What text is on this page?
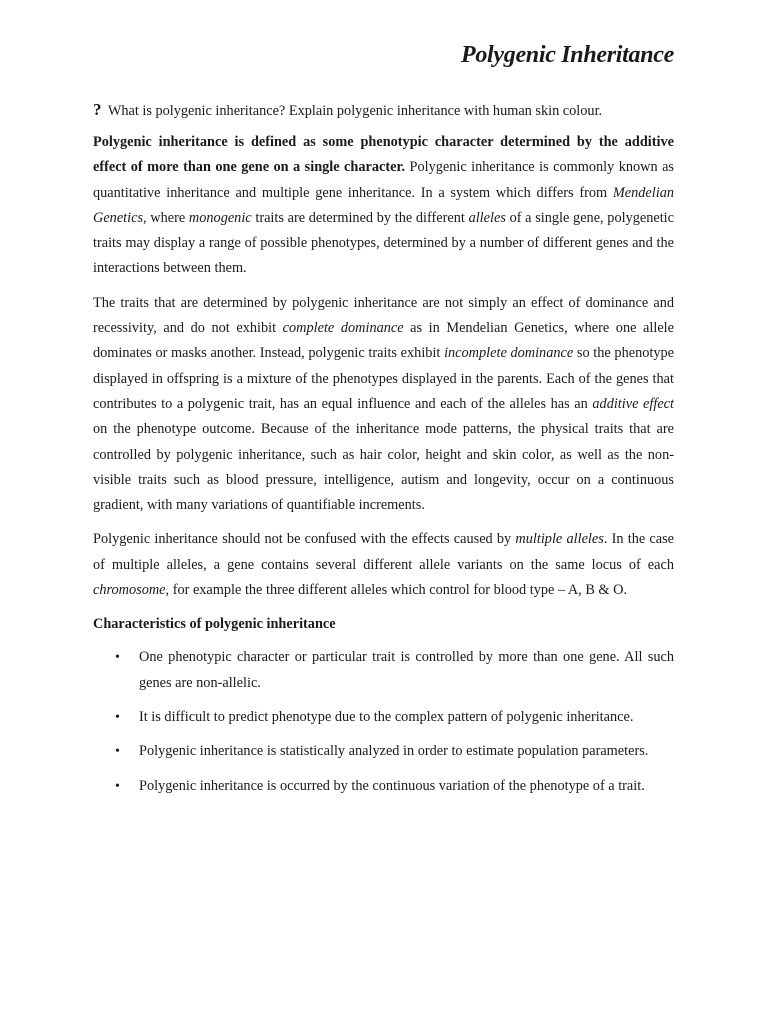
Polygenic Inheritance
? What is polygenic inheritance? Explain polygenic inheritance with human skin colour.

Polygenic inheritance is defined as some phenotypic character determined by the additive effect of more than one gene on a single character. Polygenic inheritance is commonly known as quantitative inheritance and multiple gene inheritance. In a system which differs from Mendelian Genetics, where monogenic traits are determined by the different alleles of a single gene, polygenetic traits may display a range of possible phenotypes, determined by a number of different genes and the interactions between them.

The traits that are determined by polygenic inheritance are not simply an effect of dominance and recessivity, and do not exhibit complete dominance as in Mendelian Genetics, where one allele dominates or masks another. Instead, polygenic traits exhibit incomplete dominance so the phenotype displayed in offspring is a mixture of the phenotypes displayed in the parents. Each of the genes that contributes to a polygenic trait, has an equal influence and each of the alleles has an additive effect on the phenotype outcome. Because of the inheritance mode patterns, the physical traits that are controlled by polygenic inheritance, such as hair color, height and skin color, as well as the non-visible traits such as blood pressure, intelligence, autism and longevity, occur on a continuous gradient, with many variations of quantifiable increments.

Polygenic inheritance should not be confused with the effects caused by multiple alleles. In the case of multiple alleles, a gene contains several different allele variants on the same locus of each chromosome, for example the three different alleles which control for blood type – A, B & O.

Characteristics of polygenic inheritance
• One phenotypic character or particular trait is controlled by more than one gene. All such genes are non-allelic.
• It is difficult to predict phenotype due to the complex pattern of polygenic inheritance.
• Polygenic inheritance is statistically analyzed in order to estimate population parameters.
• Polygenic inheritance is occurred by the continuous variation of the phenotype of a trait.
